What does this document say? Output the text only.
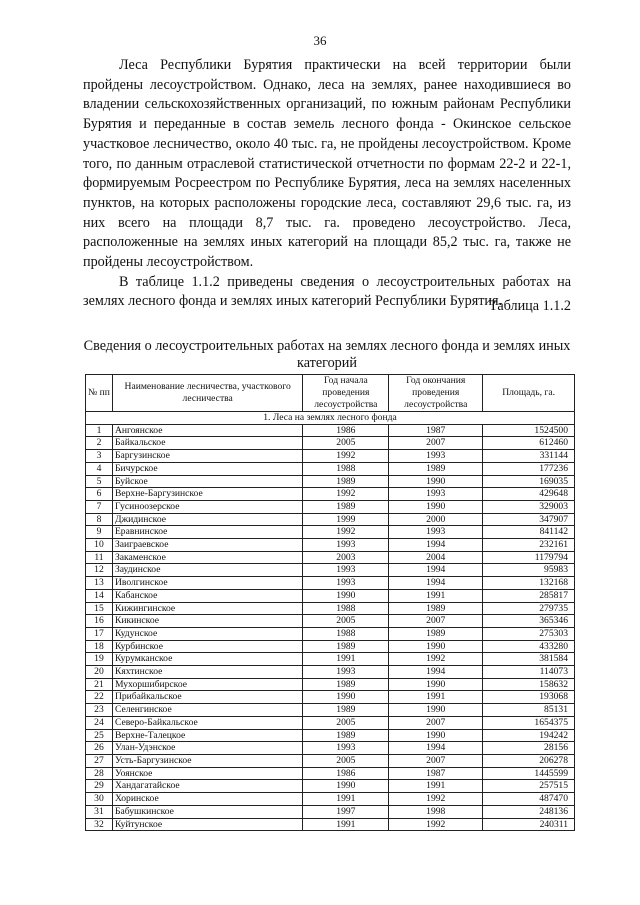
36

Леса Республики Бурятия практически на всей территории были пройдены лесоустройством. Однако, леса на землях, ранее находившиеся во владении сельскохозяйственных организаций, по южным районам Республики Бурятия и переданные в состав земель лесного фонда - Окинское сельское участковое лесничество, около 40 тыс. га, не пройдены лесоустройством. Кроме того, по данным отраслевой статистической отчетности по формам 22-2 и 22-1, формируемым Росреестром по Республике Бурятия, леса на землях населенных пунктов, на которых расположены городские леса, составляют 29,6 тыс. га, из них всего на площади 8,7 тыс. га. проведено лесоустройство. Леса, расположенные на землях иных категорий на площади 85,2 тыс. га, также не пройдены лесоустройством.

В таблице 1.1.2 приведены сведения о лесоустроительных работах на землях лесного фонда и землях иных категорий Республики Бурятия.

Таблица 1.1.2
Сведения о лесоустроительных работах на землях лесного фонда и землях иных категорий
№ пп	Наименование лесничества, участкового лесничества	Год начала проведения лесоустройства	Год окончания проведения лесоустройства	Площадь, га.
1. Леса на землях лесного фонда				
1	Ангоянское	1986	1987	1524500
2	Байкальское	2005	2007	612460
3	Баргузинское	1992	1993	331144
4	Бичурское	1988	1989	177236
5	Буйское	1989	1990	169035
6	Верхне-Баргузинское	1992	1993	429648
7	Гусиноозерское	1989	1990	329003
8	Джидинское	1999	2000	347907
9	Еравнинское	1992	1993	841142
10	Заиграевское	1993	1994	232161
11	Закаменское	2003	2004	1179794
12	Заудинское	1993	1994	95983
13	Иволгинское	1993	1994	132168
14	Кабанское	1990	1991	285817
15	Кижингинское	1988	1989	279735
16	Кикинское	2005	2007	365346
17	Кудунское	1988	1989	275303
18	Курбинское	1989	1990	433280
19	Курумканское	1991	1992	381584
20	Кяхтинское	1993	1994	114073
21	Мухоршибирское	1989	1990	158632
22	Прибайкальское	1990	1991	193068
23	Селенгинское	1989	1990	85131
24	Северо-Байкальское	2005	2007	1654375
25	Верхне-Талецкое	1989	1990	194242
26	Улан-Удэнское	1993	1994	28156
27	Усть-Баргузинское	2005	2007	206278
28	Уоянское	1986	1987	1445599
29	Хандагатайское	1990	1991	257515
30	Хоринское	1991	1992	487470
31	Бабушкинское	1997	1998	248136
32	Куйтунское	1991	1992	240311
